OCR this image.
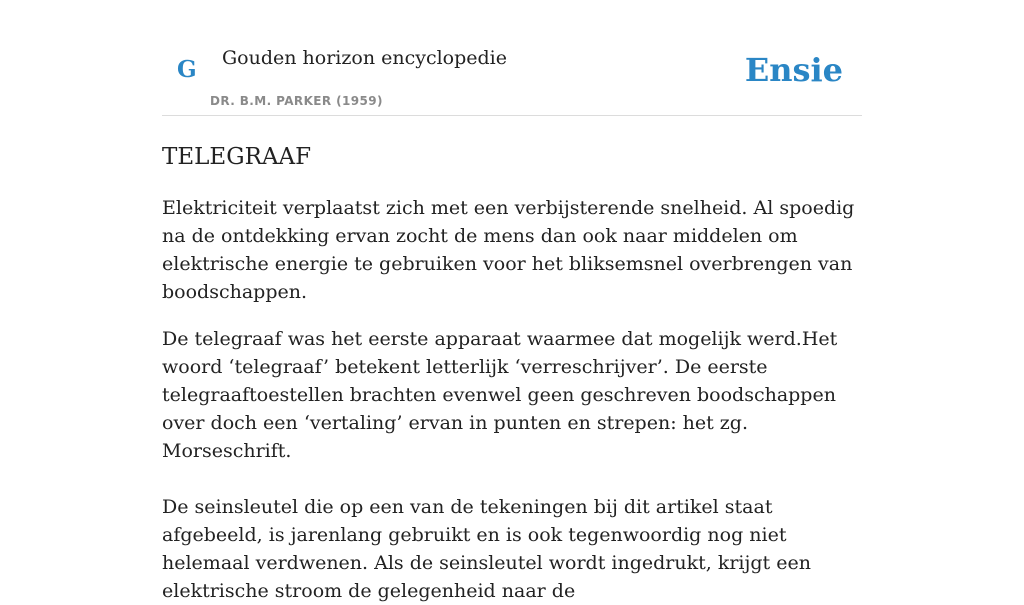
G Gouden horizon encyclopedie
DR. B.M. PARKER (1959)
Ensie
TELEGRAAF

Elektriciteit verplaatst zich met een verbijsterende snelheid. Al spoedig na de ontdekking ervan zocht de mens dan ook naar middelen om elektrische energie te gebruiken voor het bliksemsnel overbrengen van boodschappen.

De telegraaf was het eerste apparaat waarmee dat mogelijk werd.Het woord ‘telegraaf’ betekent letterlijk ‘verreschrijver’. De eerste telegraaftoestellen brachten evenwel geen geschreven boodschappen over doch een ‘vertaling’ ervan in punten en strepen: het zg. Morseschrift.

De seinsleutel die op een van de tekeningen bij dit artikel staat afgebeeld, is jarenlang gebruikt en is ook tegenwoordig nog niet helemaal verdwenen. Als de seinsleutel wordt ingedrukt, krijgt een elektrische stroom de gelegenheid naar de
